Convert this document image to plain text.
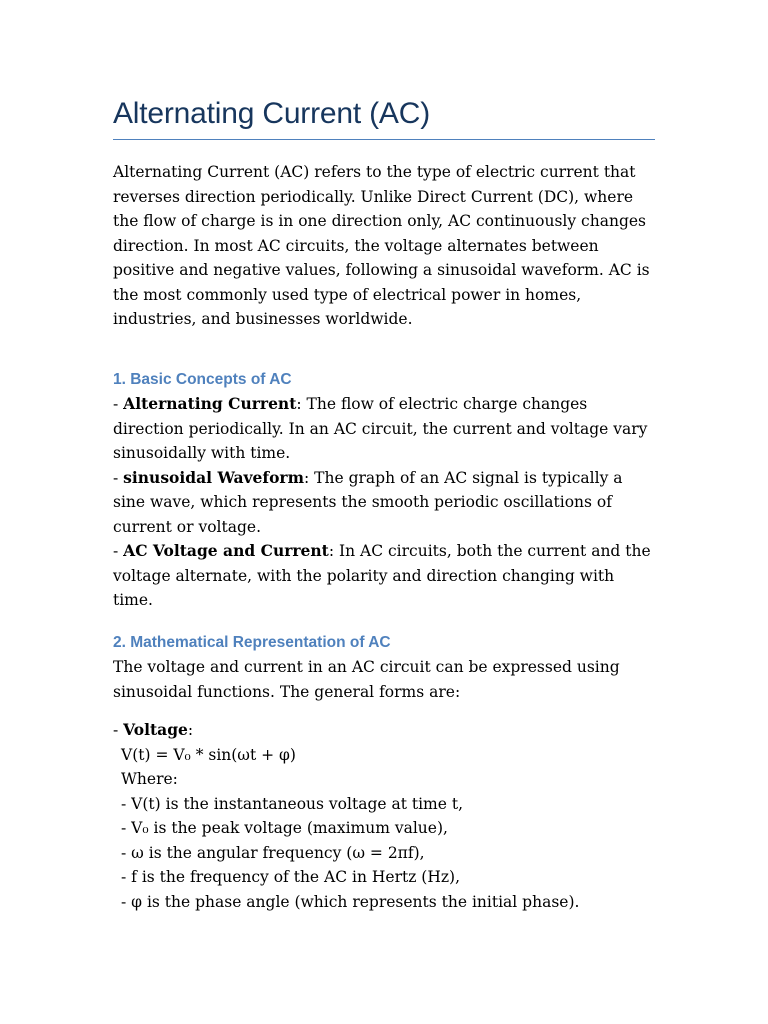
Alternating Current (AC)

Alternating Current (AC) refers to the type of electric current that reverses direction periodically. Unlike Direct Current (DC), where the flow of charge is in one direction only, AC continuously changes direction. In most AC circuits, the voltage alternates between positive and negative values, following a sinusoidal waveform. AC is the most commonly used type of electrical power in homes, industries, and businesses worldwide.

1. Basic Concepts of AC

- Alternating Current: The flow of electric charge changes direction periodically. In an AC circuit, the current and voltage vary sinusoidally with time.

- sinusoidal Waveform: The graph of an AC signal is typically a sine wave, which represents the smooth periodic oscillations of current or voltage.

- AC Voltage and Current: In AC circuits, both the current and the voltage alternate, with the polarity and direction changing with time.

2. Mathematical Representation of AC

The voltage and current in an AC circuit can be expressed using sinusoidal functions. The general forms are:

- Voltage:

V(t) = V₀ * sin(ωt + φ)

Where:

- V(t) is the instantaneous voltage at time t,

- V₀ is the peak voltage (maximum value),

- ω is the angular frequency (ω = 2πf),

- f is the frequency of the AC in Hertz (Hz),

- φ is the phase angle (which represents the initial phase).
